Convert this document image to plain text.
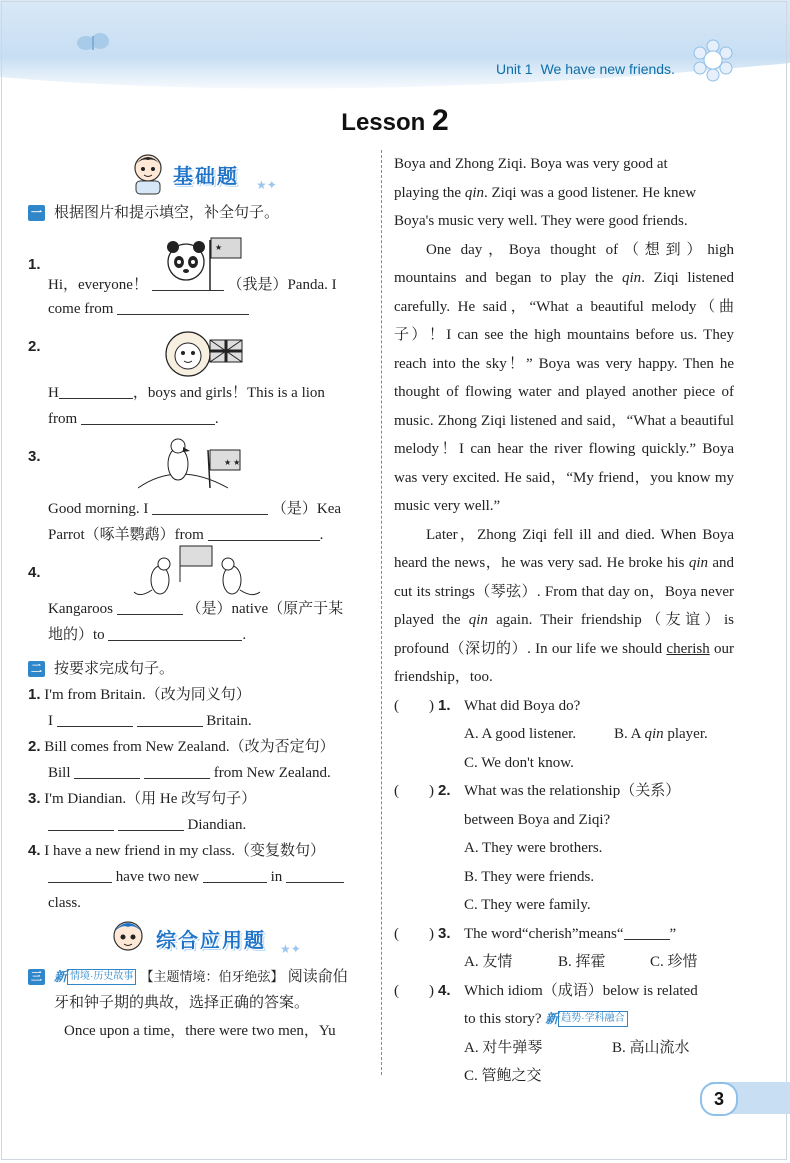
Unit 1 We have new friends.
Lesson 2
基础题 ★✦
一 根据图片和提示填空，补全句子。
1.
★
Hi，everyone！	（我是）Panda. I
come from
2.
H	，boys and girls！This is a lion
from	.
3.	★ ★
Good morning. I	（是）Kea
Parrot（啄羊鹦鹉）from	.
4.
Kangaroos	（是）native（原产于某
地的）to	.
二 按要求完成句子。
1. I'm from Britain.（改为同义句）
I	Britain.
2. Bill comes from New Zealand.（改为否定句）
Bill	from New Zealand.
3. I'm Diandian.（用 He 改写句子）
Diandian.
4. I have a new friend in my class.（变复数句）
have two new	in
class.
综合应用题 ★✦
三 新 情境·历史故事 【主题情境：伯牙绝弦】 阅读俞伯
牙和钟子期的典故，选择正确的答案。
Once upon a time，there were two men，Yu
Boya and Zhong Ziqi. Boya was very good at
playing the qin. Ziqi was a good listener. He knew
Boya's music very well. They were good friends.
One day，Boya thought of（想到）high mountains and began to play the qin. Ziqi listened carefully. He said，“What a beautiful melody（曲子）！I can see the high mountains before us. They reach into the sky！” Boya was very happy. Then he thought of flowing water and played another piece of music. Zhong Ziqi listened and said，“What a beautiful melody！I can hear the river flowing quickly.” Boya was very excited. He said，“My friend，you know my music very well.”
Later，Zhong Ziqi fell ill and died. When Boya heard the news，he was very sad. He broke his qin and cut its strings（琴弦）. From that day on，Boya never played the qin again. Their friendship（友谊）is profound（深切的）. In our life we should cherish our friendship，too.
(　　) 1. What did Boya do?
A. A good listener.	B. A qin player.
C. We don't know.
(　　) 2. What was the relationship（关系）
between Boya and Ziqi?
A. They were brothers.
B. They were friends.
C. They were family.
(　　) 3. The word“cherish”means“	”
A. 友情	B. 挥霍	C. 珍惜
(　　) 4. Which idiom（成语）below is related
to this story? 新 趋势·学科融合
A. 对牛弹琴	B. 高山流水
C. 管鲍之交
3
